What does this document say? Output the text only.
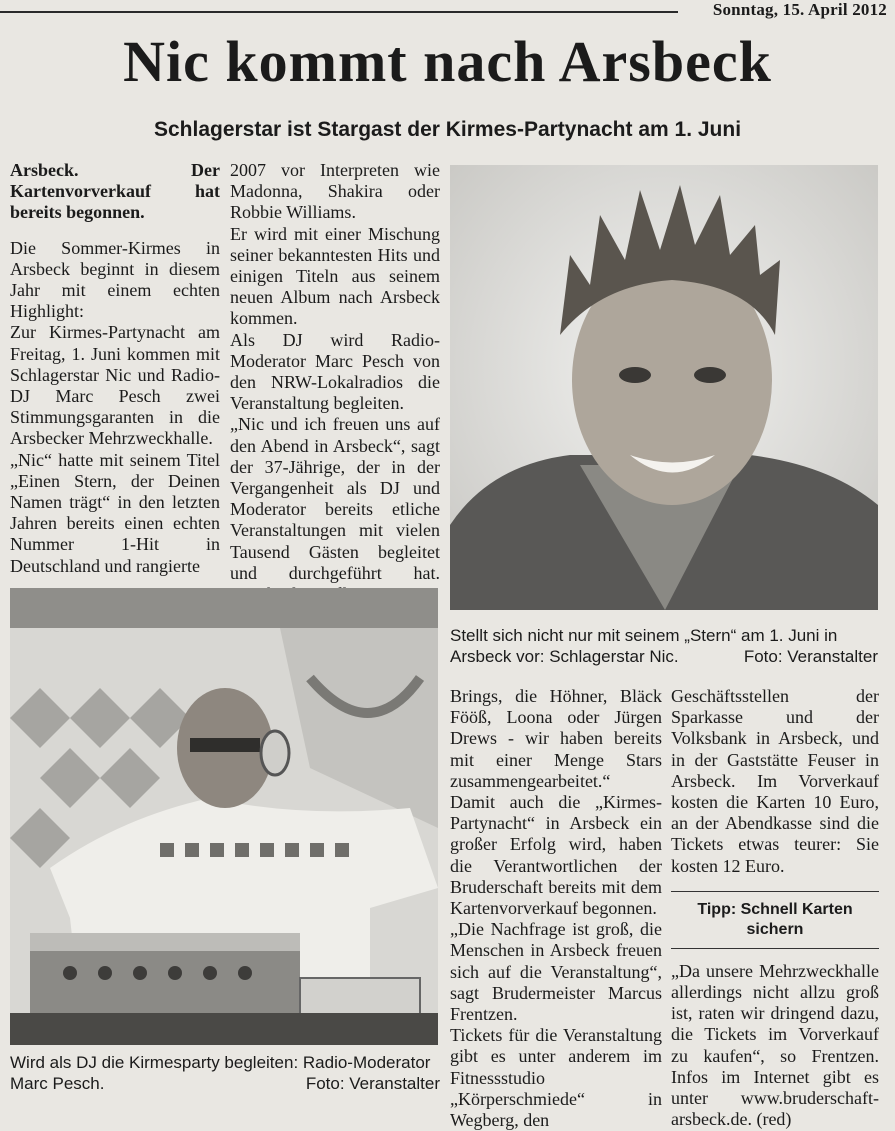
Sonntag, 15. April 2012
Nic kommt nach Arsbeck
Schlagerstar ist Stargast der Kirmes-Partynacht am 1. Juni

Arsbeck. Der Kartenvorverkauf hat bereits begonnen.

Die Sommer-Kirmes in Arsbeck beginnt in diesem Jahr mit einem echten Highlight:

Zur Kirmes-Partynacht am Freitag, 1. Juni kommen mit Schlagerstar Nic und Radio-DJ Marc Pesch zwei Stimmungsgaranten in die Arsbecker Mehrzweckhalle.

„Nic“ hatte mit seinem Titel „Einen Stern, der Deinen Namen trägt“ in den letzten Jahren bereits einen echten Nummer 1-Hit in Deutschland und rangierte

2007 vor Interpreten wie Madonna, Shakira oder Robbie Williams.

Er wird mit einer Mischung seiner bekanntesten Hits und einigen Titeln aus seinem neuen Album nach Arsbeck kommen.

Als DJ wird Radio-Moderator Marc Pesch von den NRW-Lokalradios die Veranstaltung begleiten.

„Nic und ich freuen uns auf den Abend in Arsbeck“, sagt der 37-Jährige, der in der Vergangenheit als DJ und Moderator bereits etliche Veranstaltungen mit vielen Tausend Gästen begleitet und durchgeführt hat.

Stellt sich nicht nur mit seinem „Stern“ am 1. Juni in Arsbeck vor: Schlagerstar Nic.	Foto: Veranstalter
Wird als DJ die Kirmesparty begleiten: Radio-Moderator Marc Pesch.	Foto: Veranstalter

Brings, die Höhner, Bläck Fööß, Loona oder Jürgen Drews - wir haben bereits mit einer Menge Stars zusammengearbeitet.“

Damit auch die „Kirmes-Partynacht“ in Arsbeck ein großer Erfolg wird, haben die Verantwortlichen der Bruderschaft bereits mit dem Kartenvorverkauf begonnen.

„Die Nachfrage ist groß, die Menschen in Arsbeck freuen sich auf die Veranstaltung“, sagt Brudermeister Marcus Frentzen.

Tickets für die Veranstaltung gibt es unter anderem im Fitnessstudio „Körperschmiede“ in Wegberg, den

Geschäftsstellen der Sparkasse und der Volksbank in Arsbeck, und in der Gaststätte Feuser in Arsbeck. Im Vorverkauf kosten die Karten 10 Euro, an der Abendkasse sind die Tickets etwas teurer: Sie kosten 12 Euro.

Tipp: Schnell Karten sichern

„Da unsere Mehrzweckhalle allerdings nicht allzu groß ist, raten wir dringend dazu, die Tickets im Vorverkauf zu kaufen“, so Frentzen. Infos im Internet gibt es unter www.bruderschaft-arsbeck.de. (red)
